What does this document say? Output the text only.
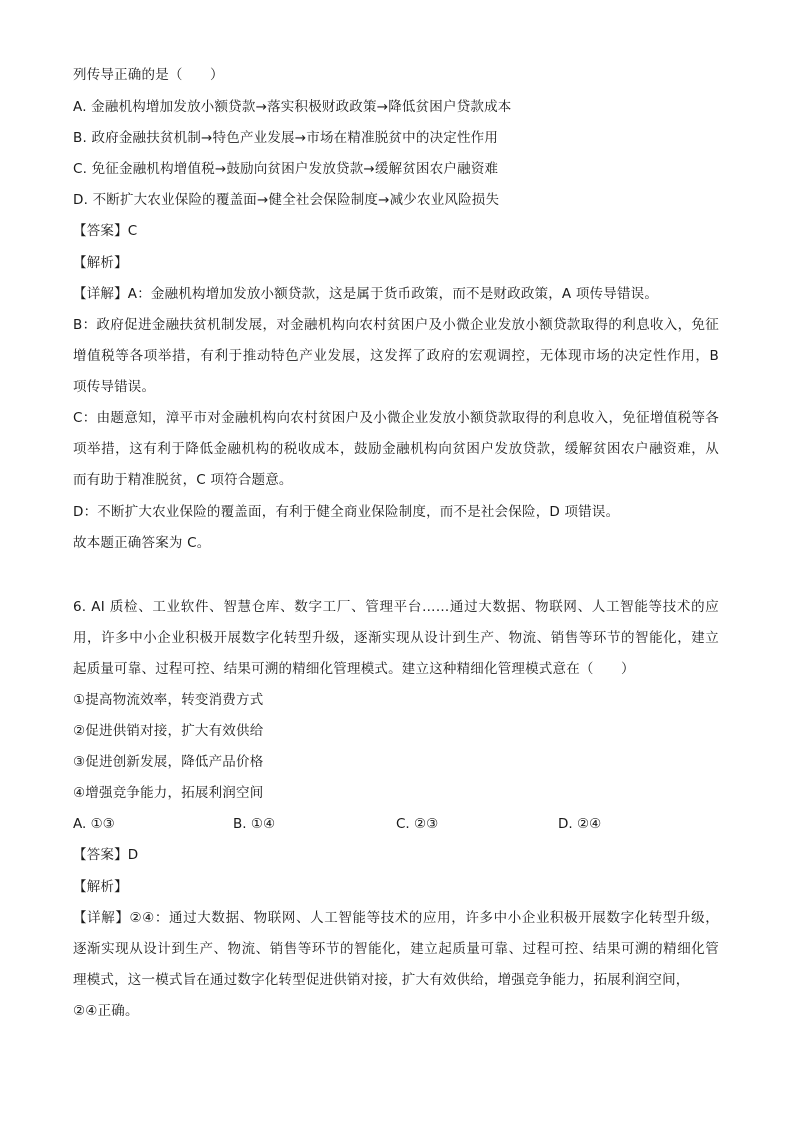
列传导正确的是（　　）
A. 金融机构增加发放小额贷款→落实积极财政政策→降低贫困户贷款成本
B. 政府金融扶贫机制→特色产业发展→市场在精准脱贫中的决定性作用
C. 免征金融机构增值税→鼓励向贫困户发放贷款→缓解贫困农户融资难
D. 不断扩大农业保险的覆盖面→健全社会保险制度→减少农业风险损失
【答案】C
【解析】
【详解】A：金融机构增加发放小额贷款，这是属于货币政策，而不是财政政策，A 项传导错误。
B：政府促进金融扶贫机制发展，对金融机构向农村贫困户及小微企业发放小额贷款取得的利息收入，免征
增值税等各项举措，有利于推动特色产业发展，这发挥了政府的宏观调控，无体现市场的决定性作用，B
项传导错误。
C：由题意知，漳平市对金融机构向农村贫困户及小微企业发放小额贷款取得的利息收入，免征增值税等各
项举措，这有利于降低金融机构的税收成本，鼓励金融机构向贫困户发放贷款，缓解贫困农户融资难，从
而有助于精准脱贫，C 项符合题意。
D：不断扩大农业保险的覆盖面，有利于健全商业保险制度，而不是社会保险，D 项错误。
故本题正确答案为 C。
6. AI 质检、工业软件、智慧仓库、数字工厂、管理平台……通过大数据、物联网、人工智能等技术的应
用，许多中小企业积极开展数字化转型升级，逐渐实现从设计到生产、物流、销售等环节的智能化，建立
起质量可靠、过程可控、结果可溯的精细化管理模式。建立这种精细化管理模式意在（　　）
①提高物流效率，转变消费方式
②促进供销对接，扩大有效供给
③促进创新发展，降低产品价格
④增强竞争能力，拓展利润空间
A. ①③	B. ①④	C. ②③	D. ②④
【答案】D
【解析】
【详解】②④：通过大数据、物联网、人工智能等技术的应用，许多中小企业积极开展数字化转型升级，
逐渐实现从设计到生产、物流、销售等环节的智能化，建立起质量可靠、过程可控、结果可溯的精细化管
理模式，这一模式旨在通过数字化转型促进供销对接，扩大有效供给，增强竞争能力，拓展利润空间，
②④正确。
